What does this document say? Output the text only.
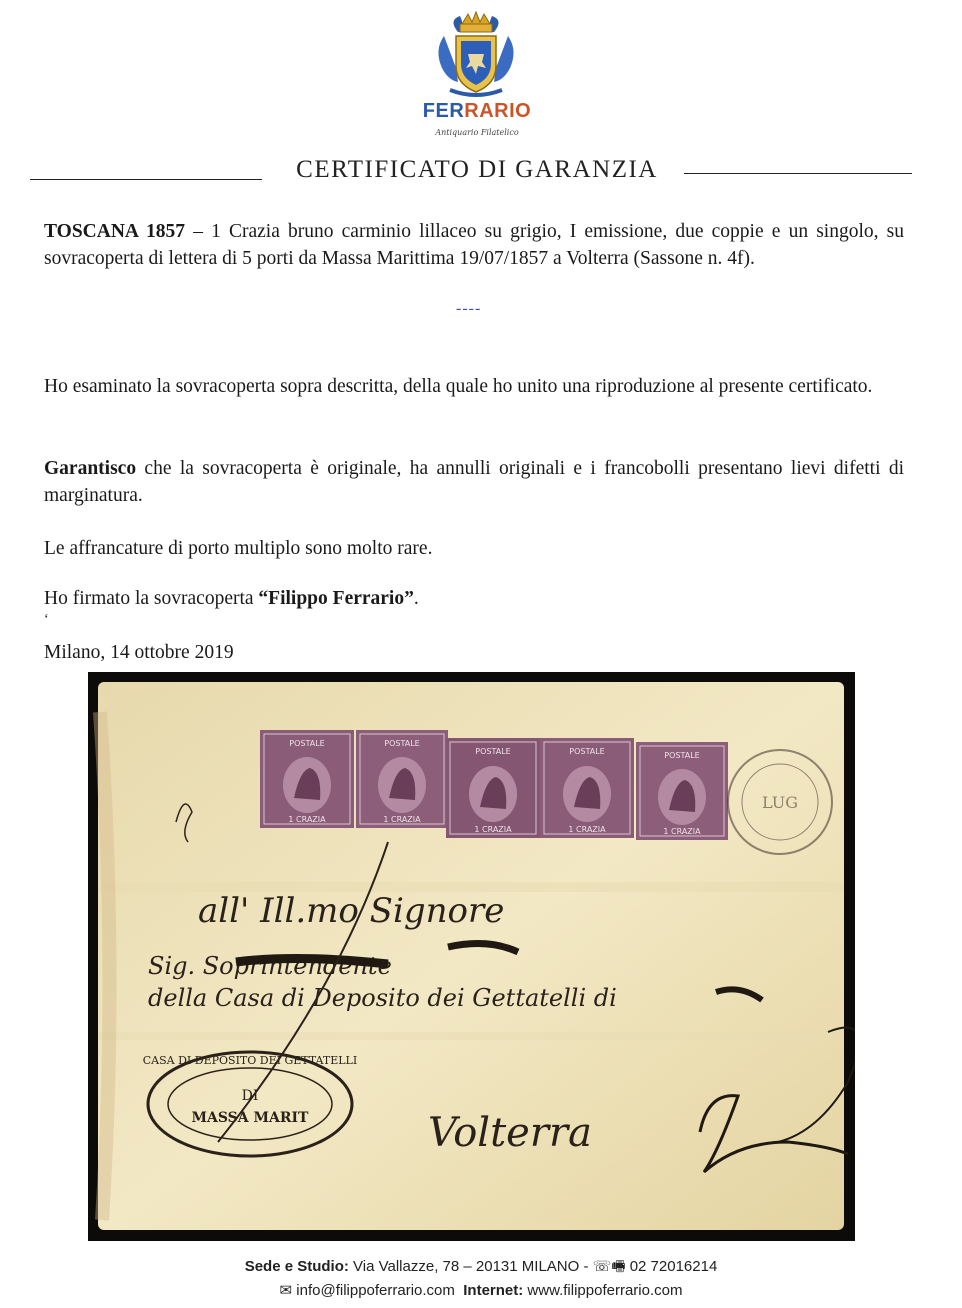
FERRARIO
Antiquario Filatelico
CERTIFICATO DI GARANZIA
TOSCANA 1857 – 1 Crazia bruno carminio lillaceo su grigio, I emissione, due coppie e un singolo, su sovracoperta di lettera di 5 porti da Massa Marittima 19/07/1857 a Volterra (Sassone n. 4f).
----
Ho esaminato la sovracoperta sopra descritta, della quale ho unito una riproduzione al presente certificato.
Garantisco che la sovracoperta è originale, ha annulli originali e i francobolli presentano lievi difetti di marginatura.
Le affrancature di porto multiplo sono molto rare.
Ho firmato la sovracoperta “Filippo Ferrario”.
ʻ
Milano, 14 ottobre 2019
POSTALE
1 CRAZIA
POSTALE
1 CRAZIA
POSTALE
1 CRAZIA
POSTALE
1 CRAZIA
POSTALE
1 CRAZIA
LUG
all' Ill.mo Signore
Sig. Soprintendente
della Casa di Deposito dei Gettatelli di
Volterra
CASA DI DEPOSITO DEI GETTATELLI
DI
MASSA MARIT
Sede e Studio: Via Vallazze, 78 – 20131 MILANO - ☏🖷 02 72016214
✉ info@filippoferrario.com Internet: www.filippoferrario.com
